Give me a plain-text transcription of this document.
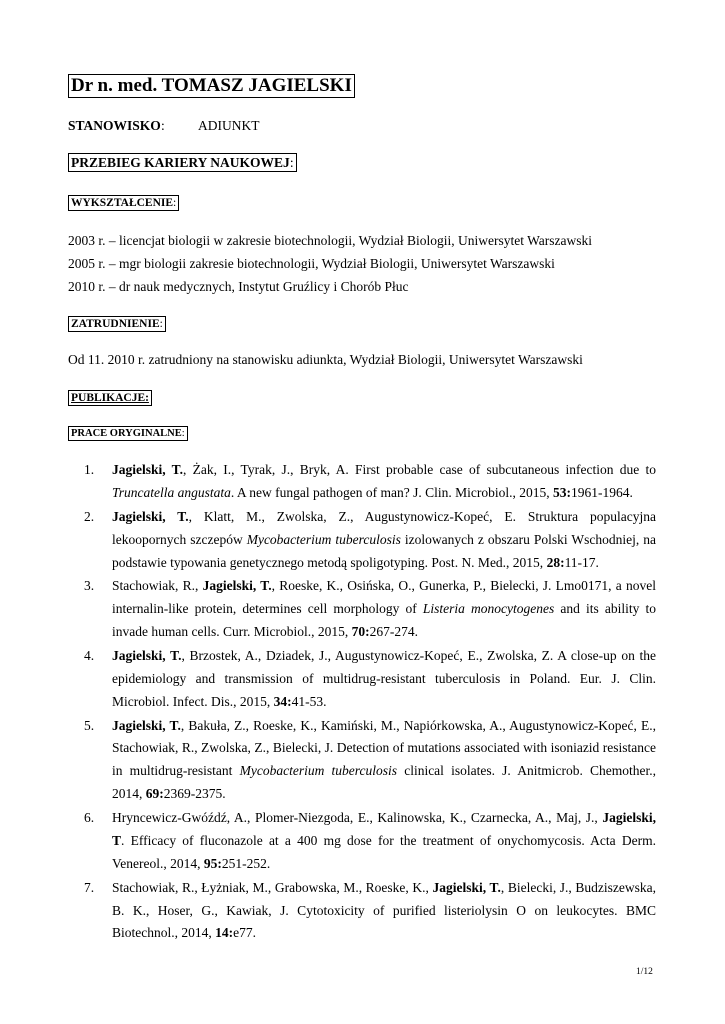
Dr n. med. TOMASZ JAGIELSKI
STANOWISKO : ADIUNKT
PRZEBIEG KARIERY NAUKOWEJ:
WYKSZTAŁCENIE:
2003 r. – licencjat biologii w zakresie biotechnologii, Wydział Biologii, Uniwersytet Warszawski
2005 r. – mgr biologii zakresie biotechnologii, Wydział Biologii, Uniwersytet Warszawski
2010 r. – dr nauk medycznych, Instytut Gruźlicy i Chorób Płuc
ZATRUDNIENIE:
Od 11. 2010 r. zatrudniony na stanowisku adiunkta, Wydział Biologii, Uniwersytet Warszawski
PUBLIKACJE:
PRACE ORYGINALNE:
1. Jagielski, T., Żak, I., Tyrak, J., Bryk, A. First probable case of subcutaneous infection due to Truncatella angustata. A new fungal pathogen of man? J. Clin. Microbiol., 2015, 53:1961-1964.
2. Jagielski, T., Klatt, M., Zwolska, Z., Augustynowicz-Kopeć, E. Struktura populacyjna lekoopornych szczepów Mycobacterium tuberculosis izolowanych z obszaru Polski Wschodniej, na podstawie typowania genetycznego metodą spoligotyping. Post. N. Med., 2015, 28:11-17.
3. Stachowiak, R., Jagielski, T., Roeske, K., Osińska, O., Gunerka, P., Bielecki, J. Lmo0171, a novel internalin-like protein, determines cell morphology of Listeria monocytogenes and its ability to invade human cells. Curr. Microbiol., 2015, 70:267-274.
4. Jagielski, T., Brzostek, A., Dziadek, J., Augustynowicz-Kopeć, E., Zwolska, Z. A close-up on the epidemiology and transmission of multidrug-resistant tuberculosis in Poland. Eur. J. Clin. Microbiol. Infect. Dis., 2015, 34:41-53.
5. Jagielski, T., Bakuła, Z., Roeske, K., Kamiński, M., Napiórkowska, A., Augustynowicz-Kopeć, E., Stachowiak, R., Zwolska, Z., Bielecki, J. Detection of mutations associated with isoniazid resistance in multidrug-resistant Mycobacterium tuberculosis clinical isolates. J. Anitmicrob. Chemother., 2014, 69:2369-2375.
6. Hryncewicz-Gwóźdź, A., Plomer-Niezgoda, E., Kalinowska, K., Czarnecka, A., Maj, J., Jagielski, T. Efficacy of fluconazole at a 400 mg dose for the treatment of onychomycosis. Acta Derm. Venereol., 2014, 95:251-252.
7. Stachowiak, R., Łyżniak, M., Grabowska, M., Roeske, K., Jagielski, T., Bielecki, J., Budziszewska, B. K., Hoser, G., Kawiak, J. Cytotoxicity of purified listeriolysin O on leukocytes. BMC Biotechnol., 2014, 14:e77.
1/12
